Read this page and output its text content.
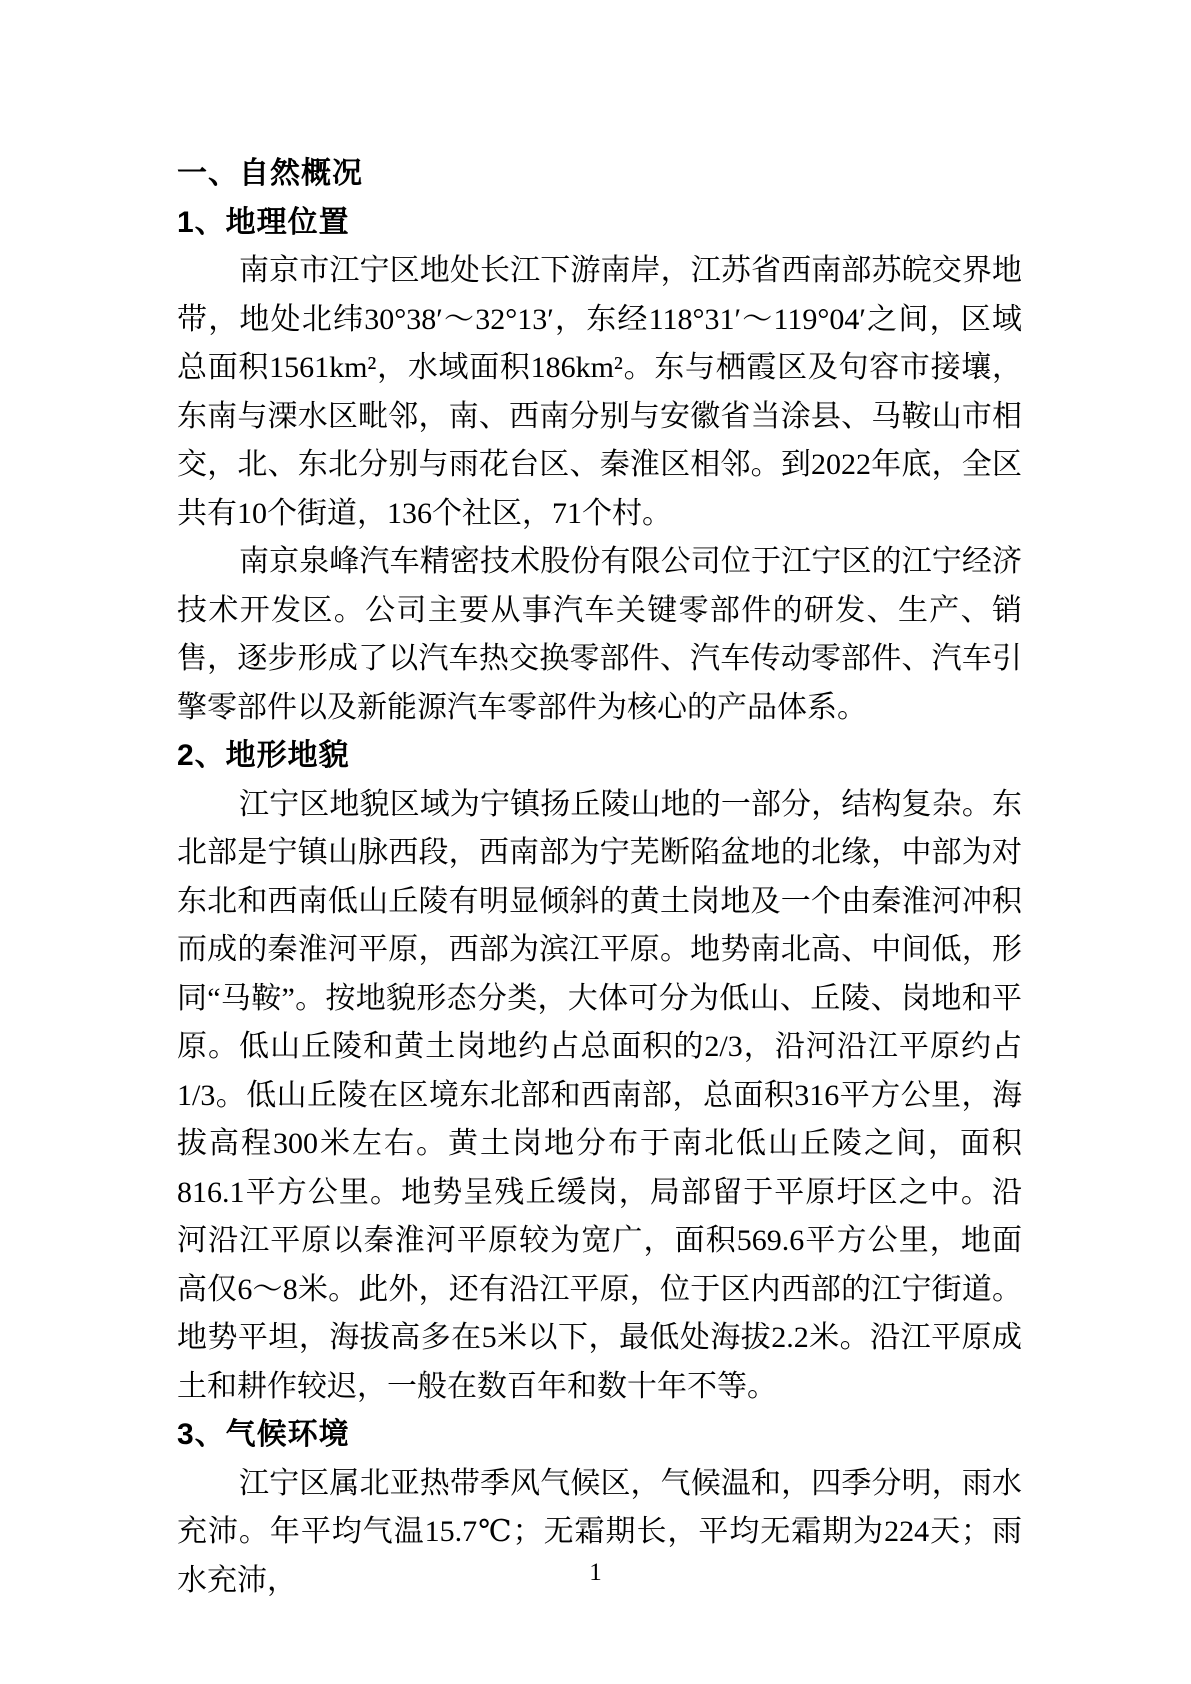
一、自然概况
1、地理位置
南京市江宁区地处长江下游南岸，江苏省西南部苏皖交界地带，地处北纬30°38′～32°13′，东经118°31′～119°04′之间，区域总面积1561km²，水域面积186km²。东与栖霞区及句容市接壤，东南与溧水区毗邻，南、西南分别与安徽省当涂县、马鞍山市相交，北、东北分别与雨花台区、秦淮区相邻。到2022年底，全区共有10个街道，136个社区，71个村。
南京泉峰汽车精密技术股份有限公司位于江宁区的江宁经济技术开发区。公司主要从事汽车关键零部件的研发、生产、销售，逐步形成了以汽车热交换零部件、汽车传动零部件、汽车引擎零部件以及新能源汽车零部件为核心的产品体系。
2、地形地貌
江宁区地貌区域为宁镇扬丘陵山地的一部分，结构复杂。东北部是宁镇山脉西段，西南部为宁芜断陷盆地的北缘，中部为对东北和西南低山丘陵有明显倾斜的黄土岗地及一个由秦淮河冲积而成的秦淮河平原，西部为滨江平原。地势南北高、中间低，形同“马鞍”。按地貌形态分类，大体可分为低山、丘陵、岗地和平原。低山丘陵和黄土岗地约占总面积的2/3，沿河沿江平原约占1/3。低山丘陵在区境东北部和西南部，总面积316平方公里，海拔高程300米左右。黄土岗地分布于南北低山丘陵之间，面积816.1平方公里。地势呈残丘缓岗，局部留于平原圩区之中。沿河沿江平原以秦淮河平原较为宽广，面积569.6平方公里，地面高仅6～8米。此外，还有沿江平原，位于区内西部的江宁街道。地势平坦，海拔高多在5米以下，最低处海拔2.2米。沿江平原成土和耕作较迟，一般在数百年和数十年不等。
3、气候环境
江宁区属北亚热带季风气候区，气候温和，四季分明，雨水充沛。年平均气温15.7℃；无霜期长，平均无霜期为224天；雨水充沛，	1
